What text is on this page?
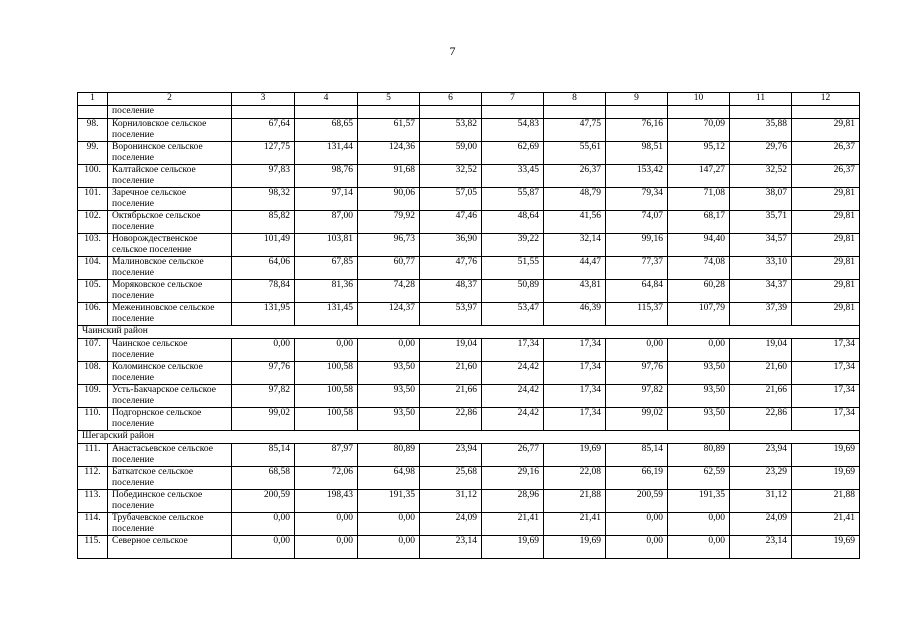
7
1	2	3	4	5	6	7	8	9	10	11	12
	поселение										
98.	Корниловское сельское поселение	67,64	68,65	61,57	53,82	54,83	47,75	76,16	70,09	35,88	29,81
99.	Воронинское сельское поселение	127,75	131,44	124,36	59,00	62,69	55,61	98,51	95,12	29,76	26,37
100.	Калтайское сельское поселение	97,83	98,76	91,68	32,52	33,45	26,37	153,42	147,27	32,52	26,37
101.	Заречное сельское поселение	98,32	97,14	90,06	57,05	55,87	48,79	79,34	71,08	38,07	29,81
102.	Октябрьское сельское поселение	85,82	87,00	79,92	47,46	48,64	41,56	74,07	68,17	35,71	29,81
103.	Новорождественское сельское поселение	101,49	103,81	96,73	36,90	39,22	32,14	99,16	94,40	34,57	29,81
104.	Малиновское сельское поселение	64,06	67,85	60,77	47,76	51,55	44,47	77,37	74,08	33,10	29,81
105.	Моряковское сельское поселение	78,84	81,36	74,28	48,37	50,89	43,81	64,84	60,28	34,37	29,81
106.	Межениновское сельское поселение	131,95	131,45	124,37	53,97	53,47	46,39	115,37	107,79	37,39	29,81
Чаинский район											
107.	Чаинское сельское поселение	0,00	0,00	0,00	19,04	17,34	17,34	0,00	0,00	19,04	17,34
108.	Коломинское сельское поселение	97,76	100,58	93,50	21,60	24,42	17,34	97,76	93,50	21,60	17,34
109.	Усть-Бакчарское сельское поселение	97,82	100,58	93,50	21,66	24,42	17,34	97,82	93,50	21,66	17,34
110.	Подгорнское сельское поселение	99,02	100,58	93,50	22,86	24,42	17,34	99,02	93,50	22,86	17,34
Шегарский район											
111.	Анастасьевское сельское поселение	85,14	87,97	80,89	23,94	26,77	19,69	85,14	80,89	23,94	19,69
112.	Баткатское сельское поселение	68,58	72,06	64,98	25,68	29,16	22,08	66,19	62,59	23,29	19,69
113.	Побединское сельское поселение	200,59	198,43	191,35	31,12	28,96	21,88	200,59	191,35	31,12	21,88
114.	Трубачевское сельское поселение	0,00	0,00	0,00	24,09	21,41	21,41	0,00	0,00	24,09	21,41
115.	Северное сельское	0,00	0,00	0,00	23,14	19,69	19,69	0,00	0,00	23,14	19,69
